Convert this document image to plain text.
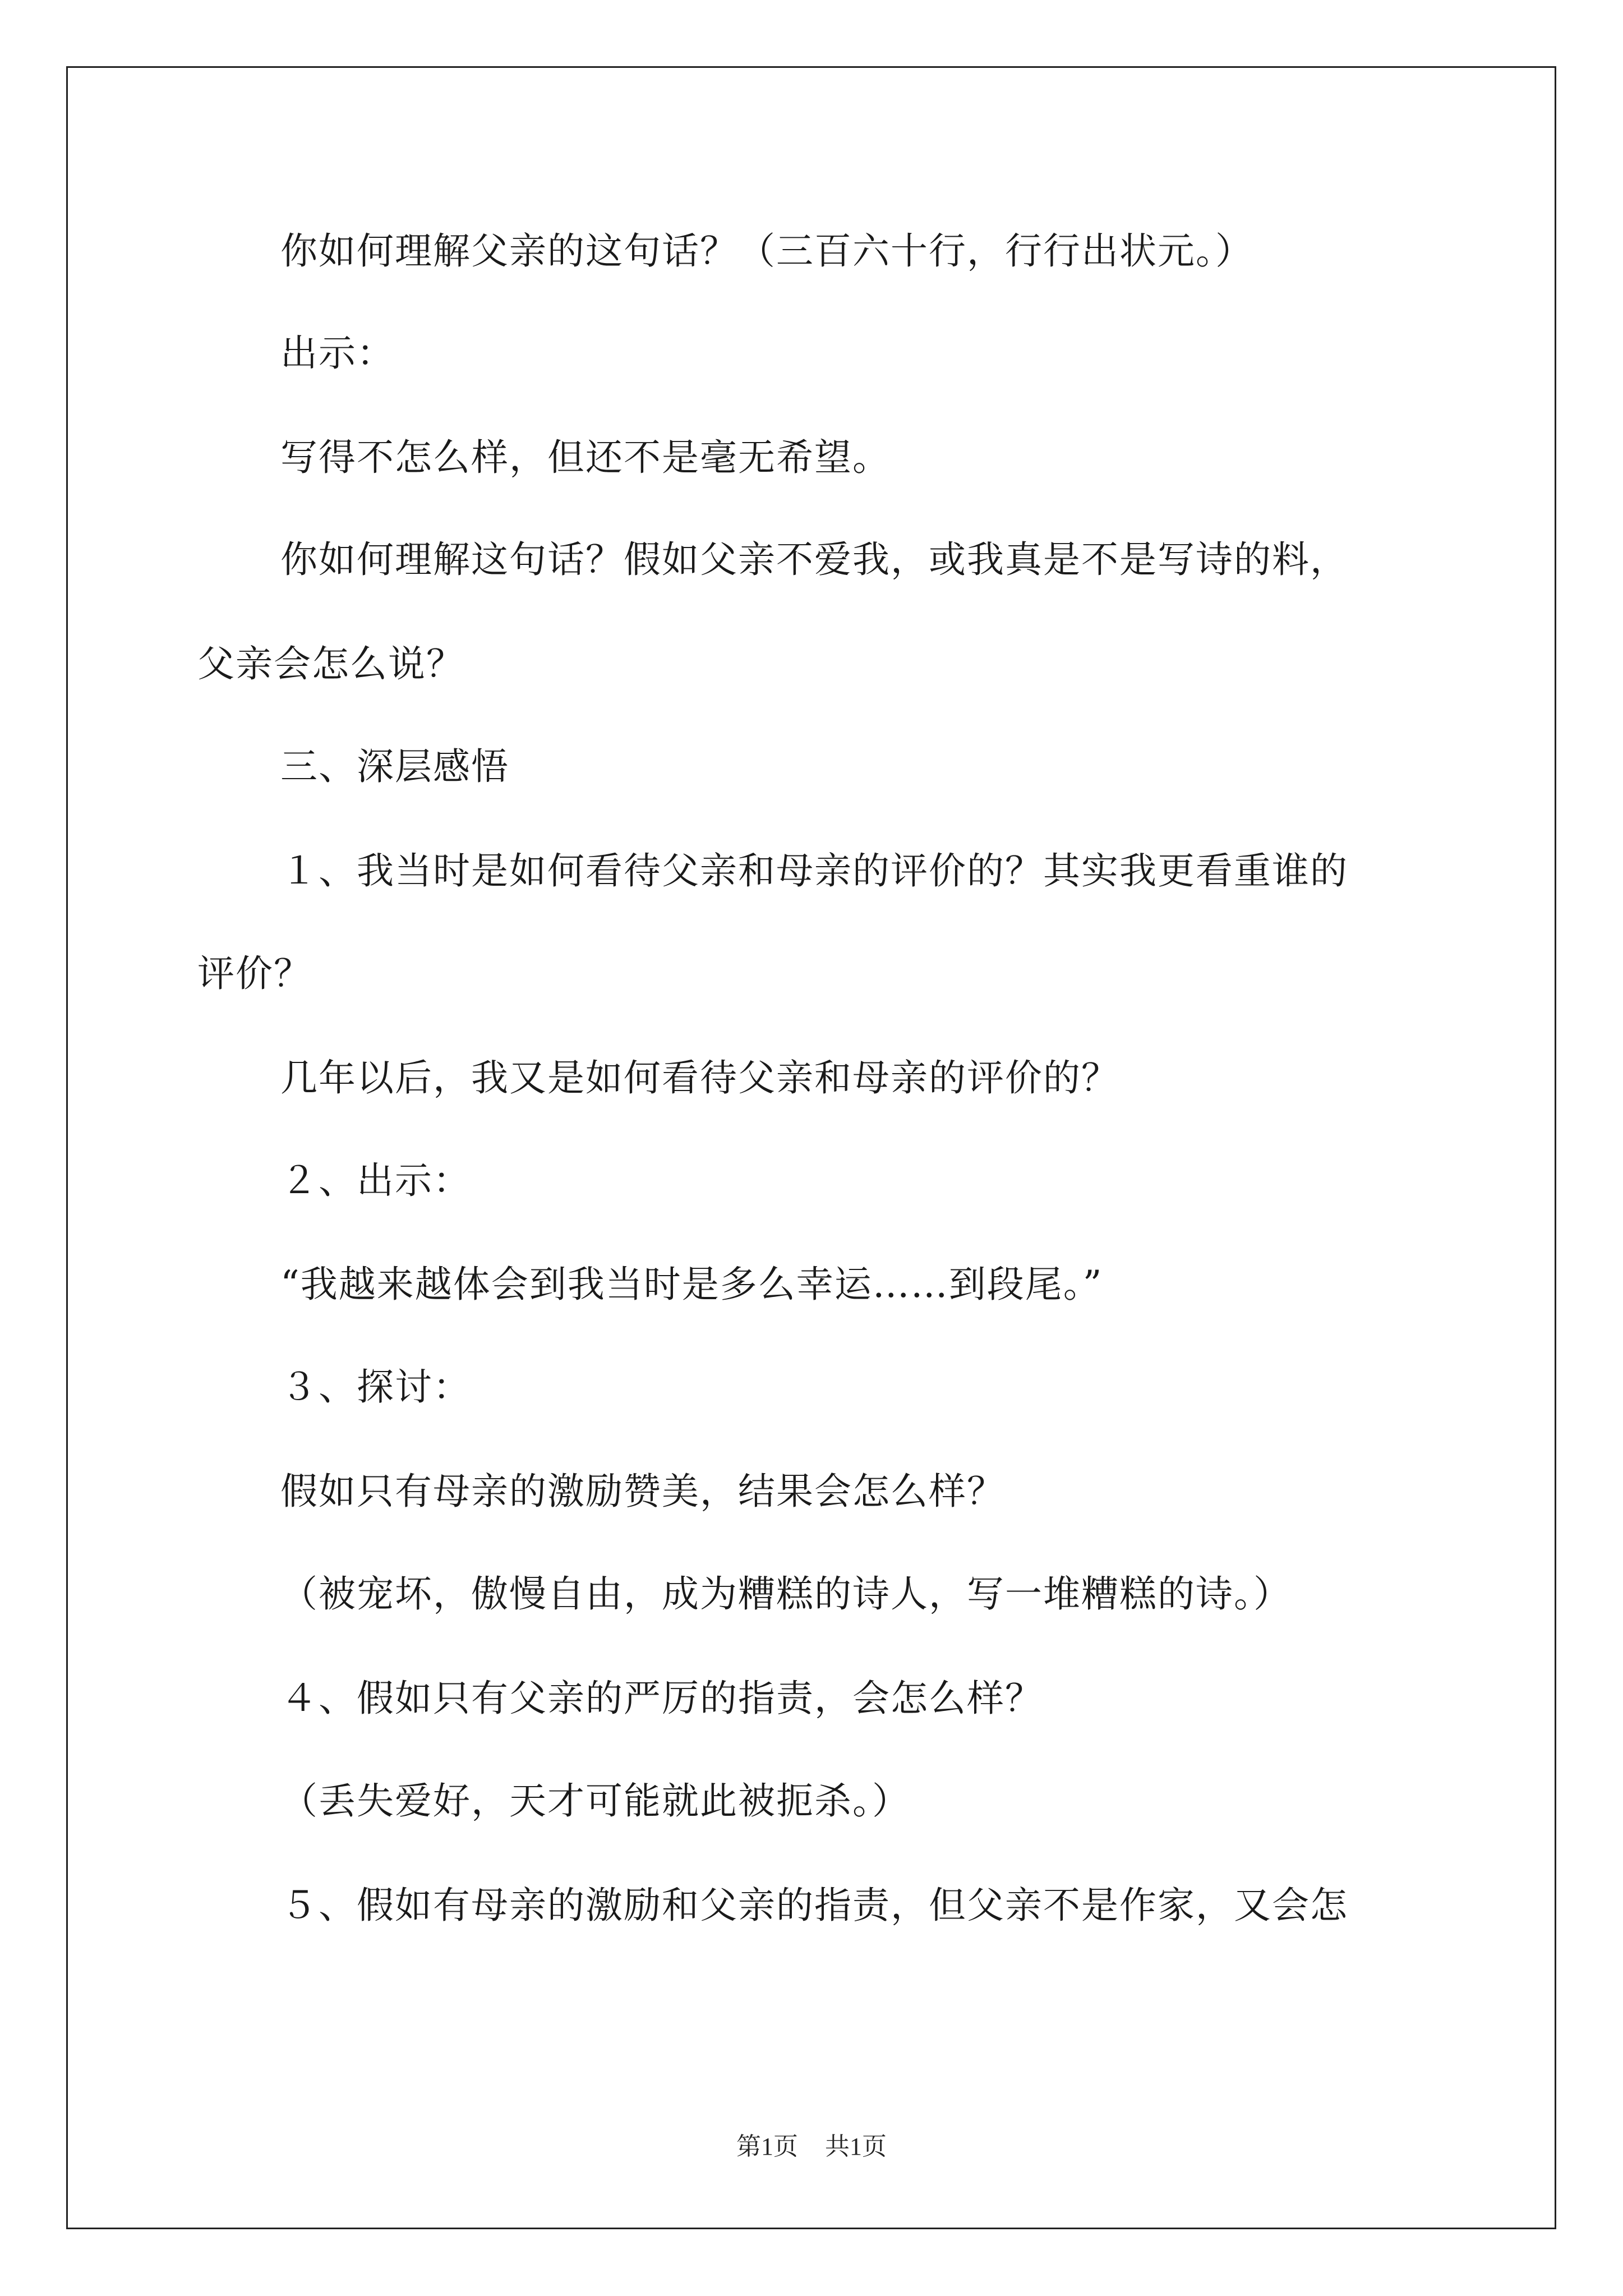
你如何理解父亲的这句话？（三百六十行，行行出状元。）
出示：
写得不怎么样，但还不是毫无希望。
你如何理解这句话？假如父亲不爱我，或我真是不是写诗的料，
父亲会怎么说？
三、深层感悟
１、我当时是如何看待父亲和母亲的评价的？其实我更看重谁的
评价？
几年以后，我又是如何看待父亲和母亲的评价的？
２、出示：
“我越来越体会到我当时是多么幸运……到段尾。”
３、探讨：
假如只有母亲的激励赞美，结果会怎么样？
（被宠坏，傲慢自由，成为糟糕的诗人，写一堆糟糕的诗。）
４、假如只有父亲的严厉的指责，会怎么样？
（丢失爱好，天才可能就此被扼杀。）
５、假如有母亲的激励和父亲的指责，但父亲不是作家，又会怎
第1页 共1页
